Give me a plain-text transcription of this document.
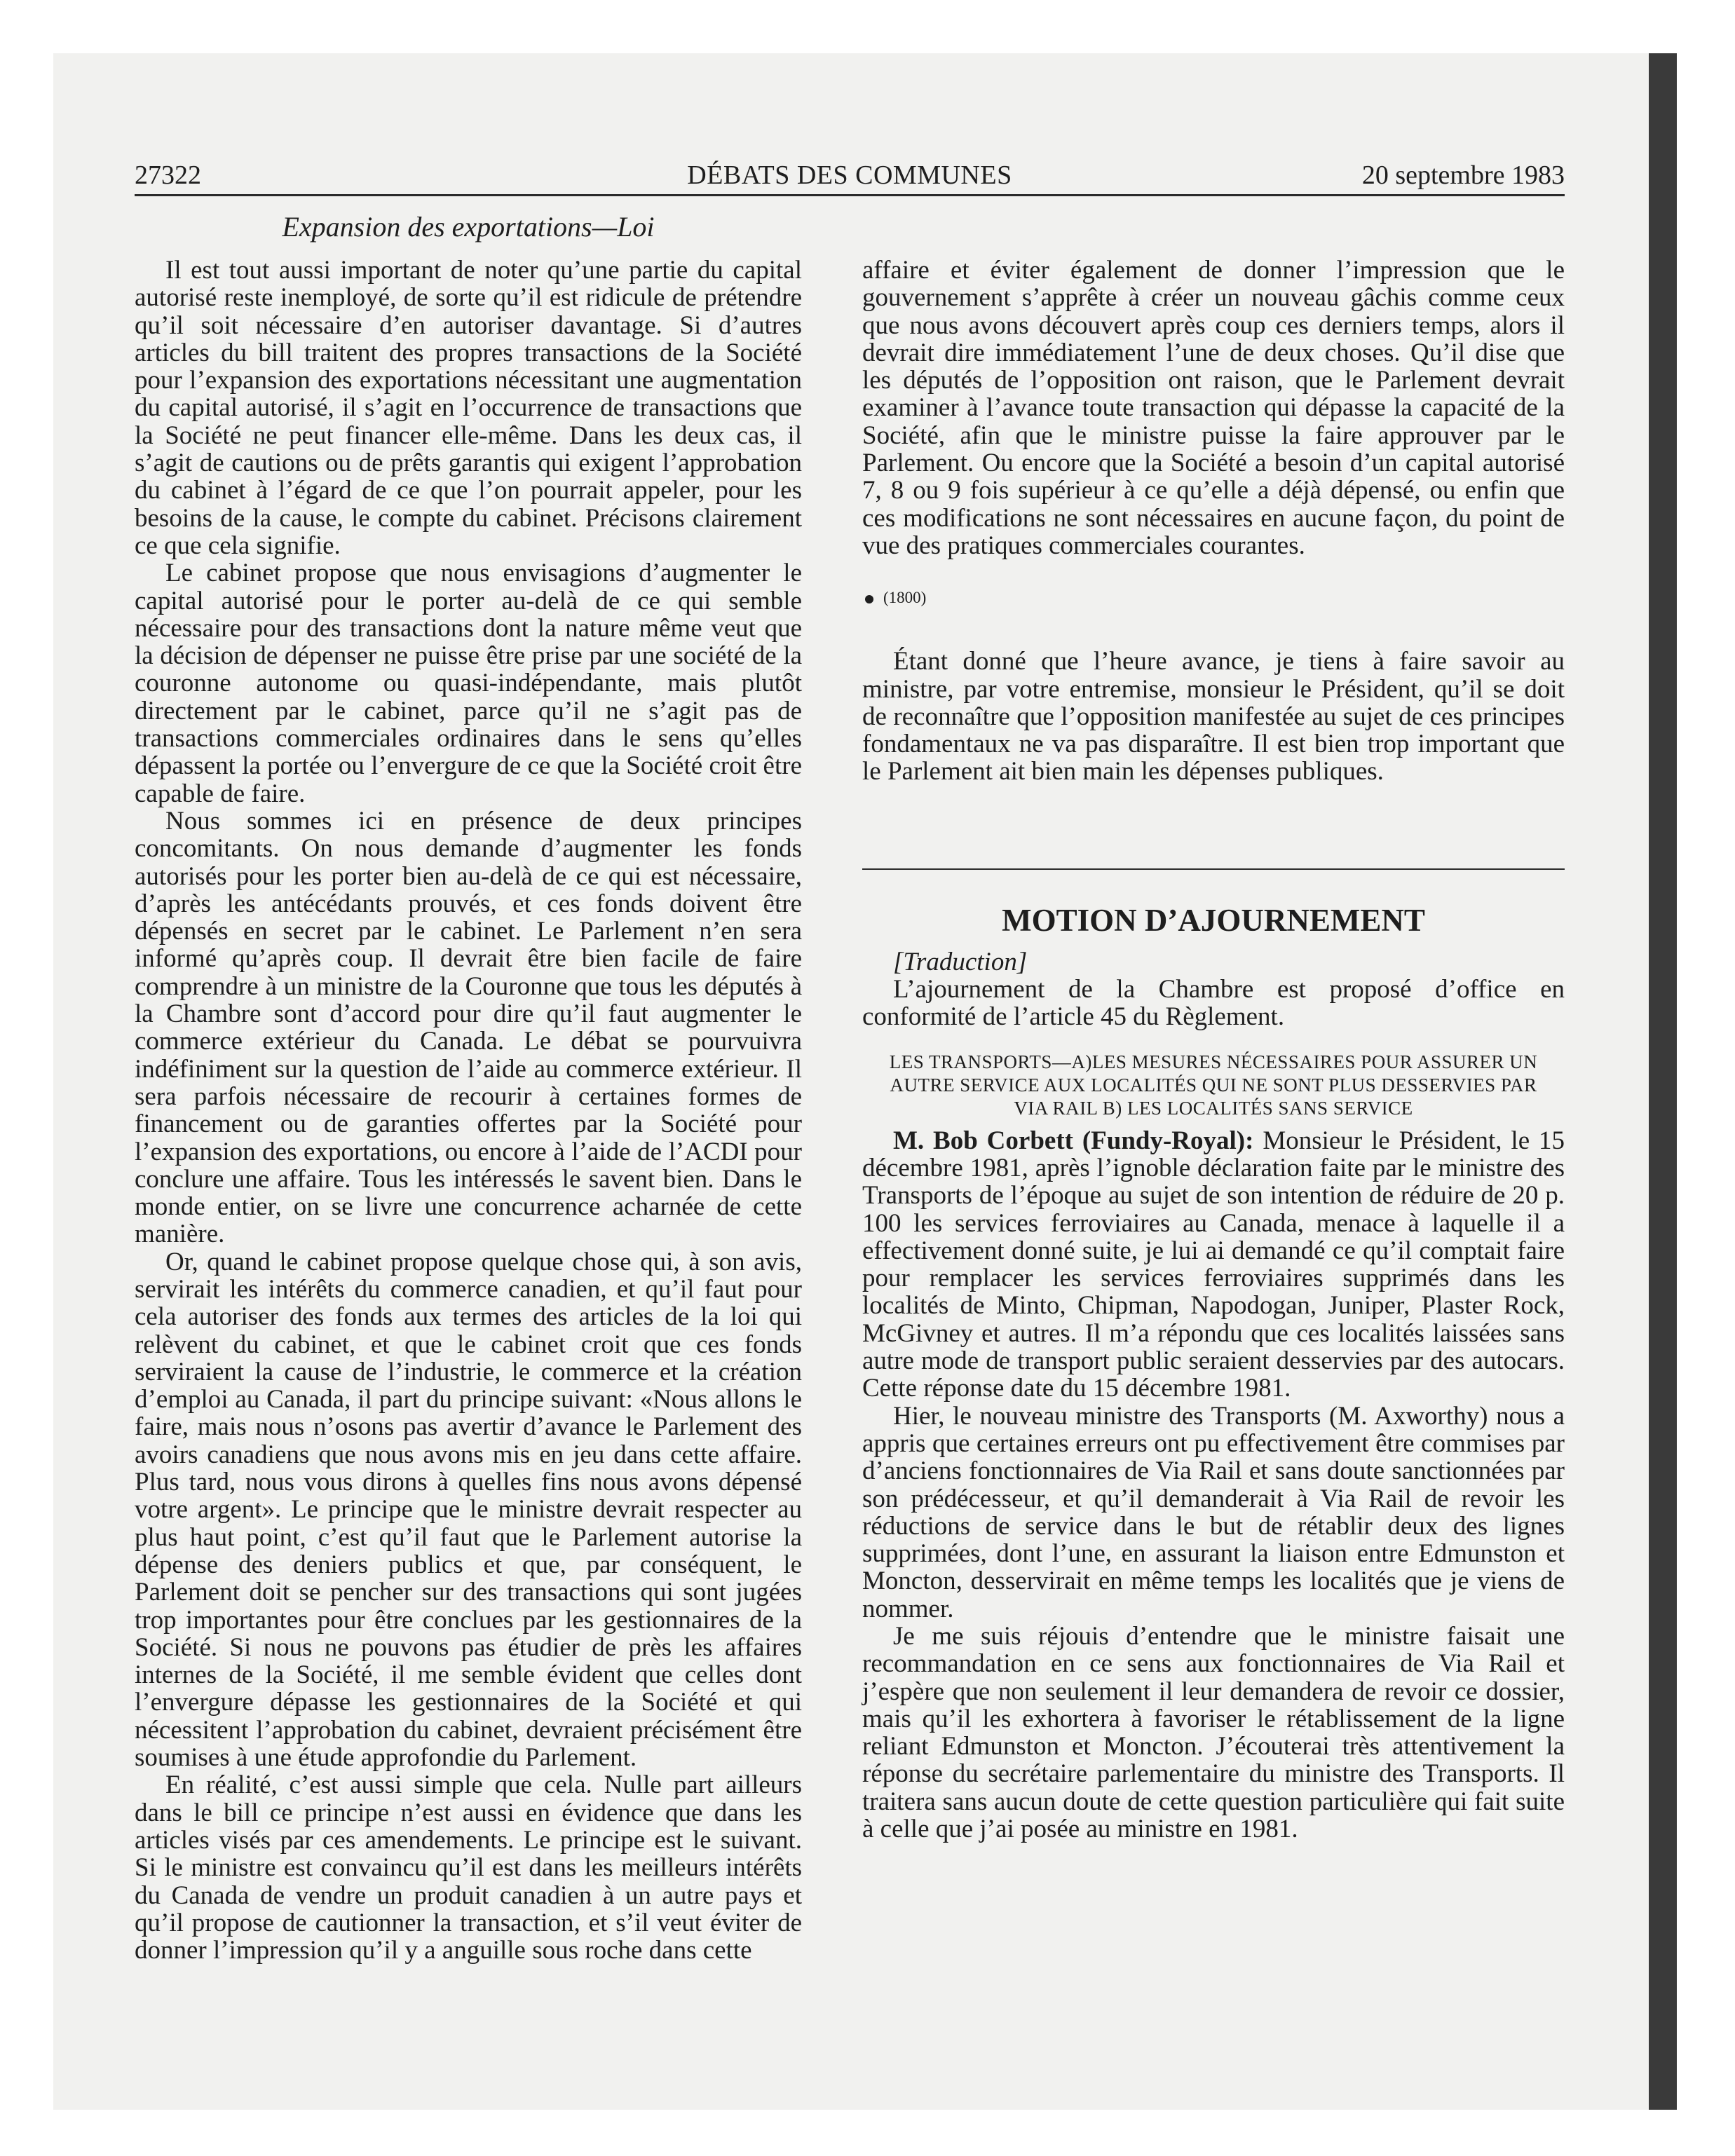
27322	DÉBATS DES COMMUNES	20 septembre 1983
Expansion des exportations—Loi

Il est tout aussi important de noter qu’une partie du capital autorisé reste inemployé, de sorte qu’il est ridicule de prétendre qu’il soit nécessaire d’en autoriser davantage. Si d’autres articles du bill traitent des propres transactions de la Société pour l’expansion des exportations nécessitant une augmentation du capital autorisé, il s’agit en l’occurrence de transactions que la Société ne peut financer elle-même. Dans les deux cas, il s’agit de cautions ou de prêts garantis qui exigent l’approbation du cabinet à l’égard de ce que l’on pourrait appeler, pour les besoins de la cause, le compte du cabinet. Précisons clairement ce que cela signifie.

Le cabinet propose que nous envisagions d’augmenter le capital autorisé pour le porter au-delà de ce qui semble nécessaire pour des transactions dont la nature même veut que la décision de dépenser ne puisse être prise par une société de la couronne autonome ou quasi-indépendante, mais plutôt directement par le cabinet, parce qu’il ne s’agit pas de transactions commerciales ordinaires dans le sens qu’elles dépassent la portée ou l’envergure de ce que la Société croit être capable de faire.

Nous sommes ici en présence de deux principes concomitants. On nous demande d’augmenter les fonds autorisés pour les porter bien au-delà de ce qui est nécessaire, d’après les antécédants prouvés, et ces fonds doivent être dépensés en secret par le cabinet. Le Parlement n’en sera informé qu’après coup. Il devrait être bien facile de faire comprendre à un ministre de la Couronne que tous les députés à la Chambre sont d’accord pour dire qu’il faut augmenter le commerce extérieur du Canada. Le débat se pourvuivra indéfiniment sur la question de l’aide au commerce extérieur. Il sera parfois nécessaire de recourir à certaines formes de financement ou de garanties offertes par la Société pour l’expansion des exportations, ou encore à l’aide de l’ACDI pour conclure une affaire. Tous les intéressés le savent bien. Dans le monde entier, on se livre une concurrence acharnée de cette manière.

Or, quand le cabinet propose quelque chose qui, à son avis, servirait les intérêts du commerce canadien, et qu’il faut pour cela autoriser des fonds aux termes des articles de la loi qui relèvent du cabinet, et que le cabinet croit que ces fonds serviraient la cause de l’industrie, le commerce et la création d’emploi au Canada, il part du principe suivant: «Nous allons le faire, mais nous n’osons pas avertir d’avance le Parlement des avoirs canadiens que nous avons mis en jeu dans cette affaire. Plus tard, nous vous dirons à quelles fins nous avons dépensé votre argent». Le principe que le ministre devrait respecter au plus haut point, c’est qu’il faut que le Parlement autorise la dépense des deniers publics et que, par conséquent, le Parlement doit se pencher sur des transactions qui sont jugées trop importantes pour être conclues par les gestionnaires de la Société. Si nous ne pouvons pas étudier de près les affaires internes de la Société, il me semble évident que celles dont l’envergure dépasse les gestionnaires de la Société et qui nécessitent l’approbation du cabinet, devraient précisément être soumises à une étude approfondie du Parlement.

En réalité, c’est aussi simple que cela. Nulle part ailleurs dans le bill ce principe n’est aussi en évidence que dans les articles visés par ces amendements. Le principe est le suivant. Si le ministre est convaincu qu’il est dans les meilleurs intérêts du Canada de vendre un produit canadien à un autre pays et qu’il propose de cautionner la transaction, et s’il veut éviter de donner l’impression qu’il y a anguille sous roche dans cette

affaire et éviter également de donner l’impression que le gouvernement s’apprête à créer un nouveau gâchis comme ceux que nous avons découvert après coup ces derniers temps, alors il devrait dire immédiatement l’une de deux choses. Qu’il dise que les députés de l’opposition ont raison, que le Parlement devrait examiner à l’avance toute transaction qui dépasse la capacité de la Société, afin que le ministre puisse la faire approuver par le Parlement. Ou encore que la Société a besoin d’un capital autorisé 7, 8 ou 9 fois supérieur à ce qu’elle a déjà dépensé, ou enfin que ces modifications ne sont nécessaires en aucune façon, du point de vue des pratiques commerciales courantes.

(1800)

Étant donné que l’heure avance, je tiens à faire savoir au ministre, par votre entremise, monsieur le Président, qu’il se doit de reconnaître que l’opposition manifestée au sujet de ces principes fondamentaux ne va pas disparaître. Il est bien trop important que le Parlement ait bien main les dépenses publiques.

MOTION D’AJOURNEMENT

[Traduction]

L’ajournement de la Chambre est proposé d’office en conformité de l’article 45 du Règlement.

LES TRANSPORTS—A)LES MESURES NÉCESSAIRES POUR ASSURER UN AUTRE SERVICE AUX LOCALITÉS QUI NE SONT PLUS DESSERVIES PAR VIA RAIL B) LES LOCALITÉS SANS SERVICE

M. Bob Corbett (Fundy-Royal): Monsieur le Président, le 15 décembre 1981, après l’ignoble déclaration faite par le ministre des Transports de l’époque au sujet de son intention de réduire de 20 p. 100 les services ferroviaires au Canada, menace à laquelle il a effectivement donné suite, je lui ai demandé ce qu’il comptait faire pour remplacer les services ferroviaires supprimés dans les localités de Minto, Chipman, Napodogan, Juniper, Plaster Rock, McGivney et autres. Il m’a répondu que ces localités laissées sans autre mode de transport public seraient desservies par des autocars. Cette réponse date du 15 décembre 1981.

Hier, le nouveau ministre des Transports (M. Axworthy) nous a appris que certaines erreurs ont pu effectivement être commises par d’anciens fonctionnaires de Via Rail et sans doute sanctionnées par son prédécesseur, et qu’il demanderait à Via Rail de revoir les réductions de service dans le but de rétablir deux des lignes supprimées, dont l’une, en assurant la liaison entre Edmunston et Moncton, desservirait en même temps les localités que je viens de nommer.

Je me suis réjouis d’entendre que le ministre faisait une recommandation en ce sens aux fonctionnaires de Via Rail et j’espère que non seulement il leur demandera de revoir ce dossier, mais qu’il les exhortera à favoriser le rétablissement de la ligne reliant Edmunston et Moncton. J’écouterai très attentivement la réponse du secrétaire parlementaire du ministre des Transports. Il traitera sans aucun doute de cette question particulière qui fait suite à celle que j’ai posée au ministre en 1981.
